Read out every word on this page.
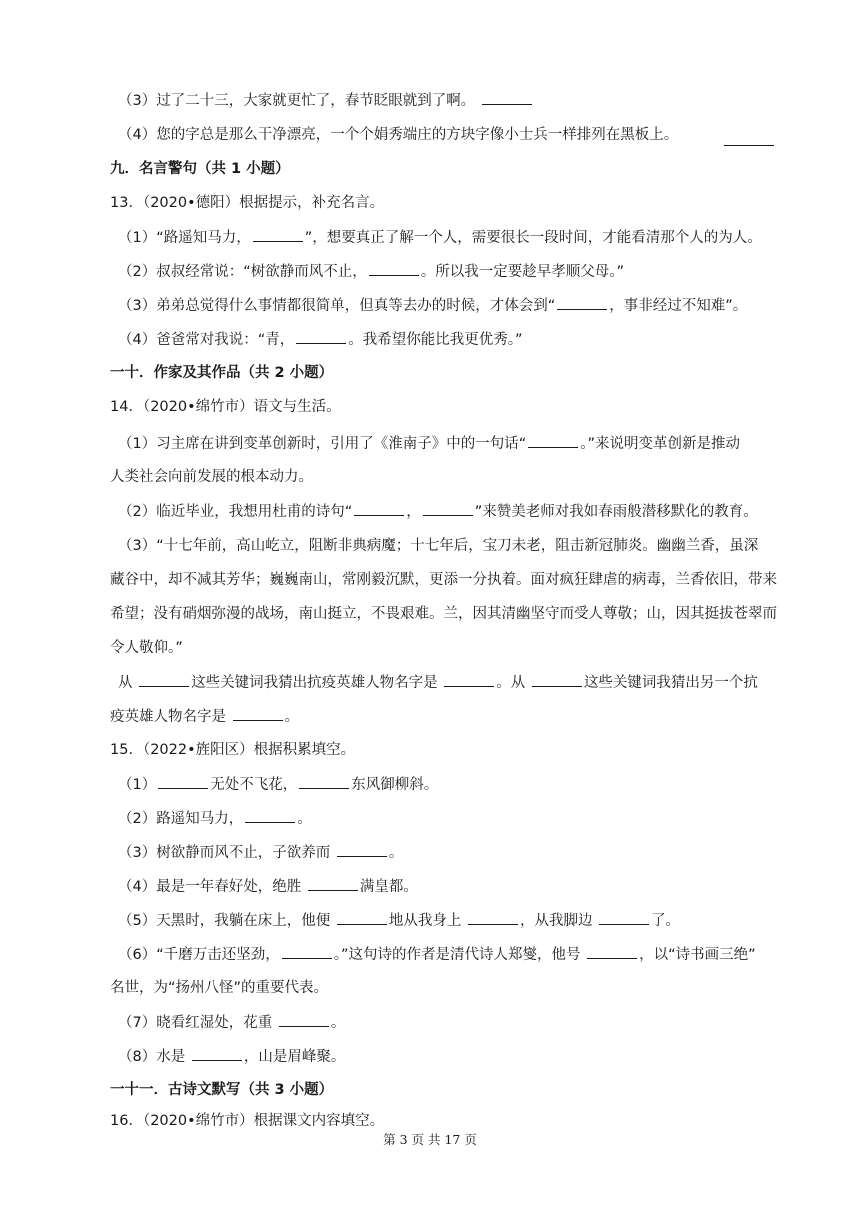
（3）过了二十三，大家就更忙了，春节眨眼就到了啊。
（4）您的字总是那么干净漂亮，一个个娟秀端庄的方块字像小士兵一样排列在黑板上。
九．名言警句（共 1 小题）
13．（2020•德阳）根据提示，补充名言。
（1）“路遥知马力，	”，想要真正了解一个人，需要很长一段时间，才能看清那个人的为人。
（2）叔叔经常说：“树欲静而风不止，	。所以我一定要趁早孝顺父母。”
（3）弟弟总觉得什么事情都很简单，但真等去办的时候，才体会到“	，事非经过不知难”。
（4）爸爸常对我说：“青，	。我希望你能比我更优秀。”
一十．作家及其作品（共 2 小题）
14．（2020•绵竹市）语文与生活。
（1）习主席在讲到变革创新时，引用了《淮南子》中的一句话“	。”来说明变革创新是推动
人类社会向前发展的根本动力。
（2）临近毕业，我想用杜甫的诗句“	，	”来赞美老师对我如春雨般潜移默化的教育。
（3）“十七年前，高山屹立，阻断非典病魔；十七年后，宝刀未老，阻击新冠肺炎。幽幽兰香，虽深
藏谷中，却不减其芳华；巍巍南山，常刚毅沉默，更添一分执着。面对疯狂肆虐的病毒，兰香依旧，带来
希望；没有硝烟弥漫的战场，南山挺立，不畏艰难。兰，因其清幽坚守而受人尊敬；山，因其挺拔苍翠而
令人敬仰。”
从	这些关键词我猜出抗疫英雄人物名字是	。从	这些关键词我猜出另一个抗
疫英雄人物名字是	。
15．（2022•旌阳区）根据积累填空。
（1）	无处不飞花，	东风御柳斜。
（2）路遥知马力，	。
（3）树欲静而风不止，子欲养而	。
（4）最是一年春好处，绝胜	满皇都。
（5）天黑时，我躺在床上，他便	地从我身上	，从我脚边	了。
（6）“千磨万击还坚劲，	。”这句诗的作者是清代诗人郑燮，他号	，以“诗书画三绝”
名世，为“扬州八怪”的重要代表。
（7）晓看红湿处，花重	。
（8）水是	，山是眉峰聚。
一十一．古诗文默写（共 3 小题）
16．（2020•绵竹市）根据课文内容填空。
第 3 页 共 17 页
